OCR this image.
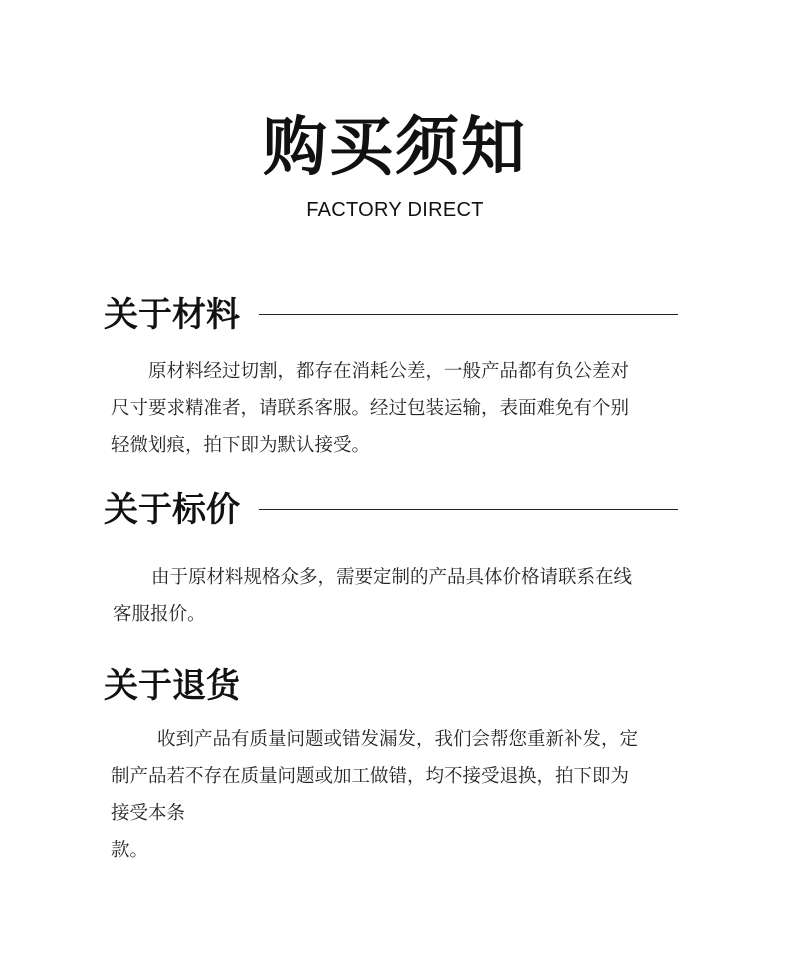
购买须知
FACTORY DIRECT
关于材料
原材料经过切割，都存在消耗公差，一般产品都有负公差对
尺寸要求精准者，请联系客服。经过包装运输，表面难免有个别
轻微划痕，拍下即为默认接受。
关于标价
由于原材料规格众多，需要定制的产品具体价格请联系在线
客服报价。
关于退货
收到产品有质量问题或错发漏发，我们会帮您重新补发，定
制产品若不存在质量问题或加工做错，均不接受退换，拍下即为
接受本条
款。
